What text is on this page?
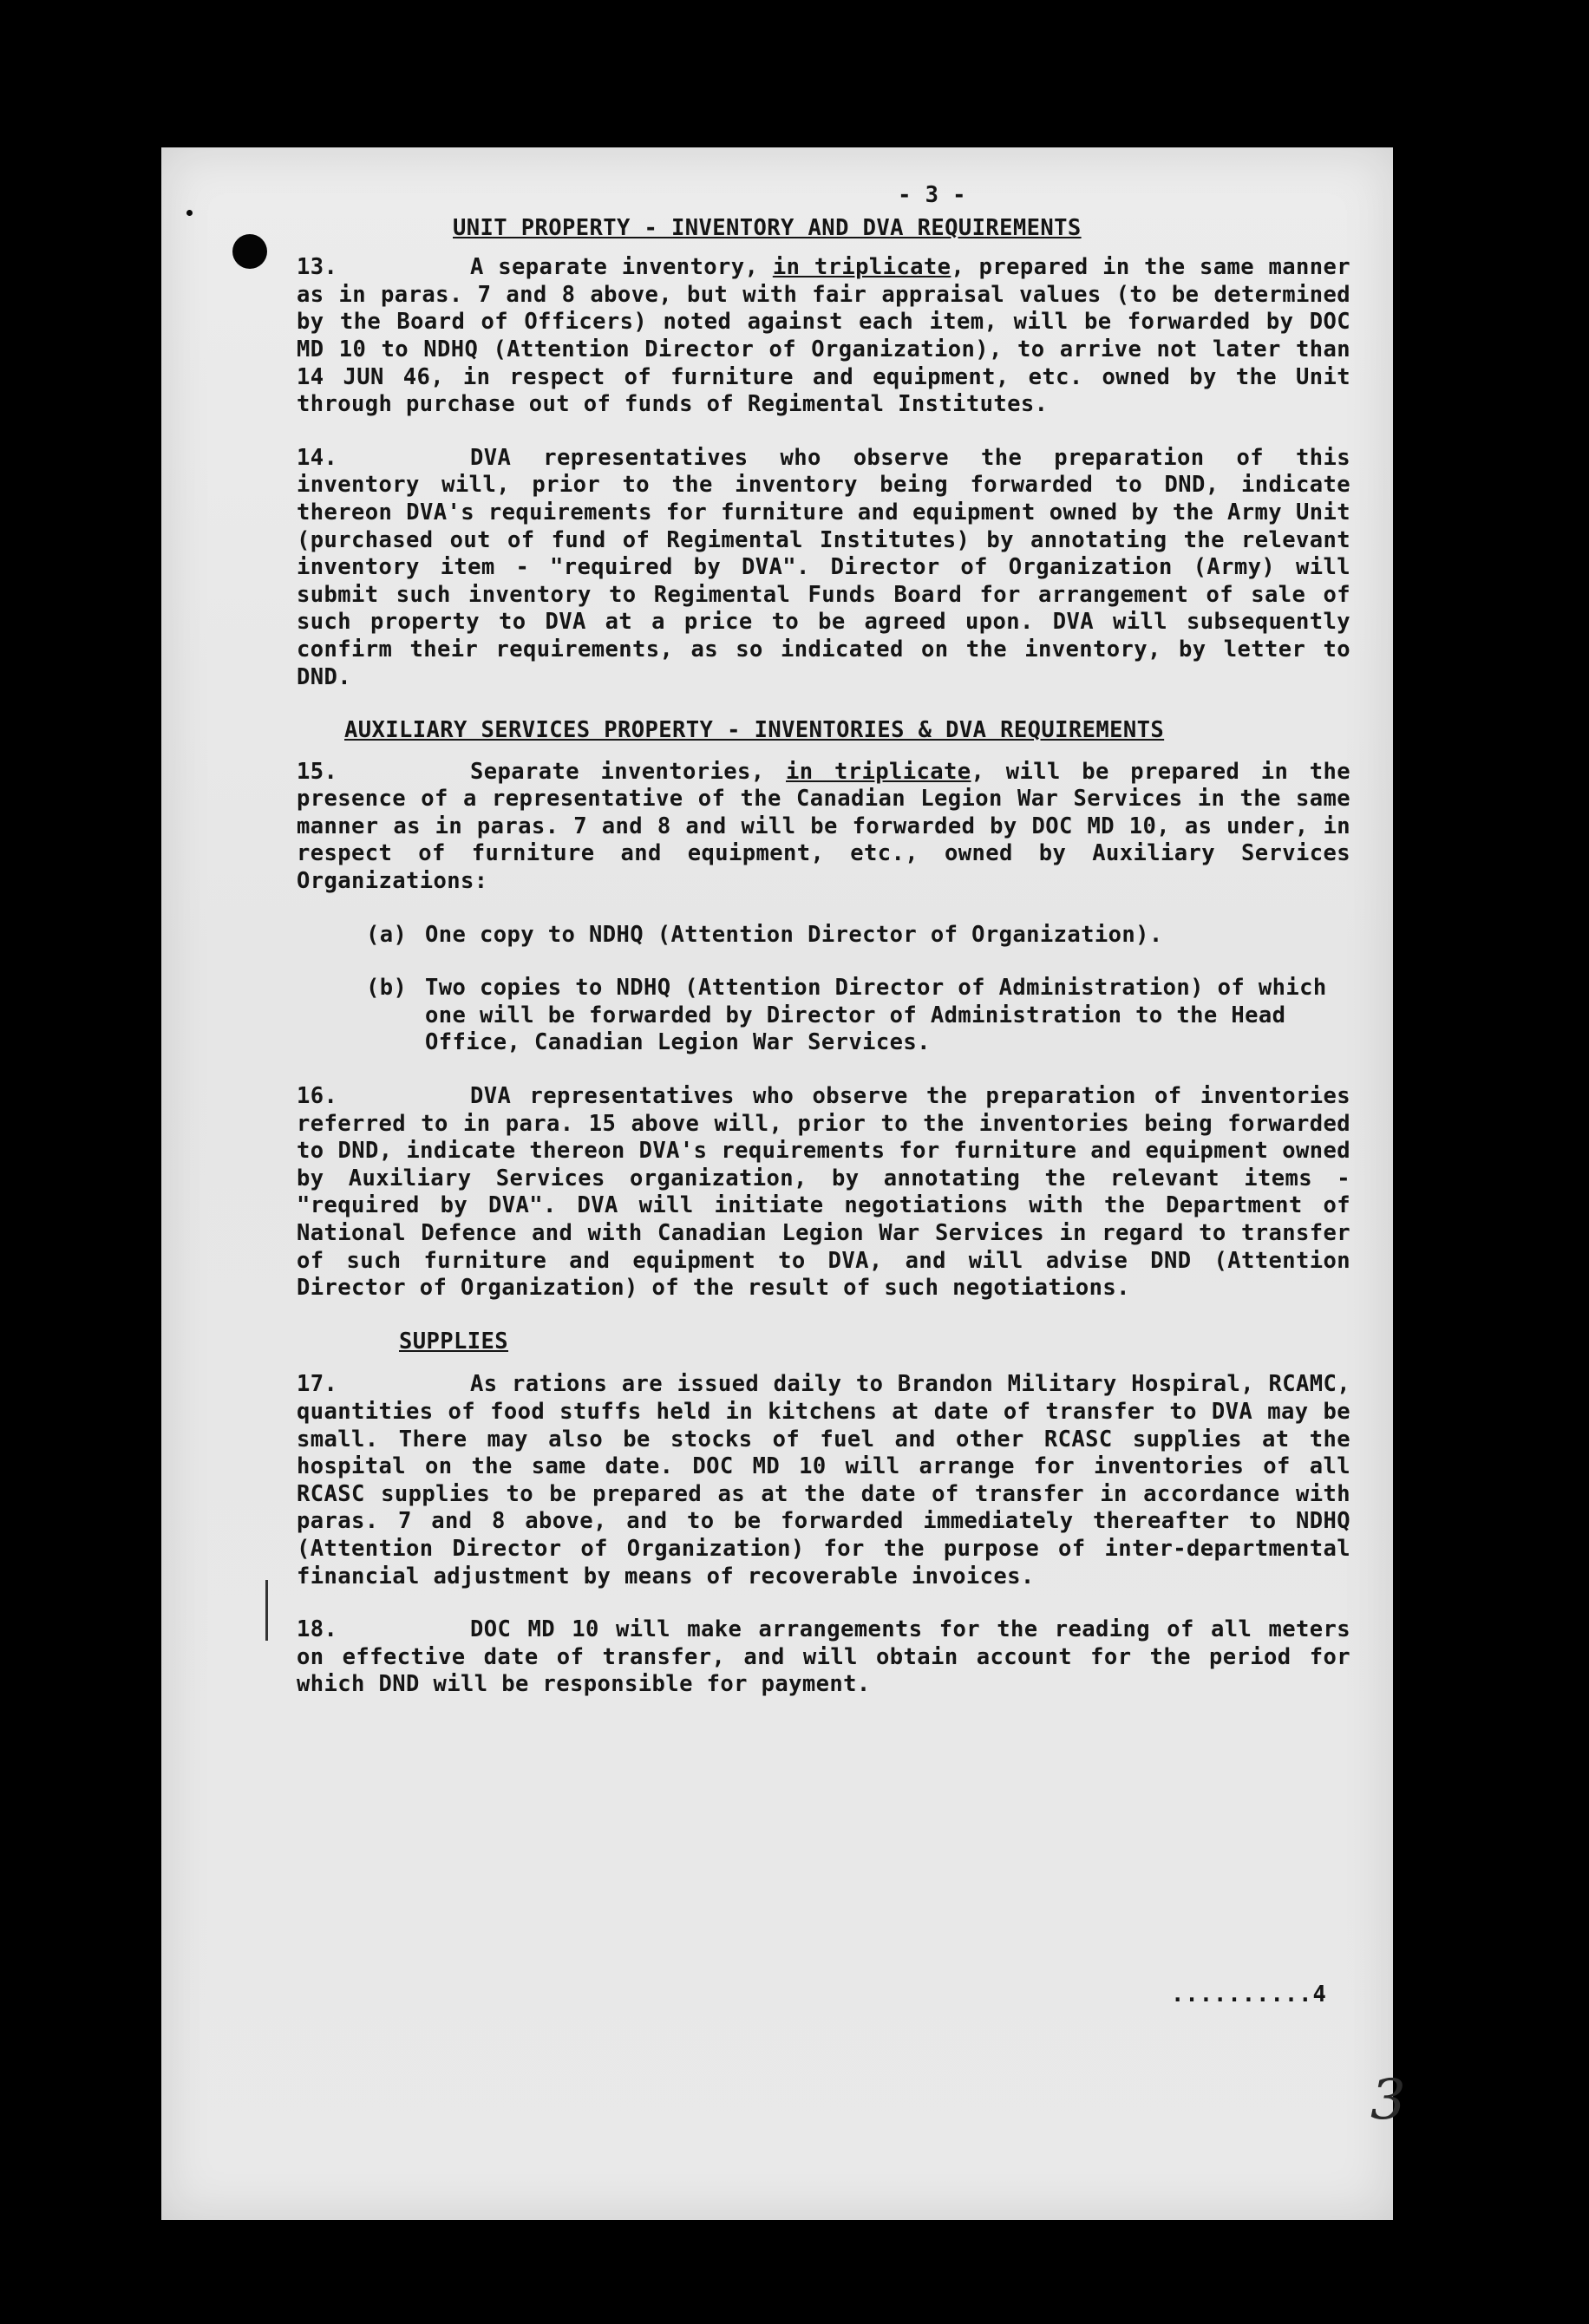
- 3 -
UNIT PROPERTY - INVENTORY AND DVA REQUIREMENTS

13.	A separate inventory, in triplicate, prepared in the same manner as in paras. 7 and 8 above, but with fair appraisal values (to be determined by the Board of Officers) noted against each item, will be forwarded by DOC MD 10 to NDHQ (Attention Director of Organization), to arrive not later than 14 JUN 46, in respect of furniture and equipment, etc. owned by the Unit through purchase out of funds of Regimental Institutes.

14.	DVA representatives who observe the preparation of this inventory will, prior to the inventory being forwarded to DND, indicate thereon DVA's requirements for furniture and equipment owned by the Army Unit (purchased out of fund of Regimental Institutes) by annotating the relevant inventory item - "required by DVA". Director of Organization (Army) will submit such inventory to Regimental Funds Board for arrangement of sale of such property to DVA at a price to be agreed upon. DVA will subsequently confirm their requirements, as so indicated on the inventory, by letter to DND.

AUXILIARY SERVICES PROPERTY - INVENTORIES & DVA REQUIREMENTS

15.	Separate inventories, in triplicate, will be prepared in the presence of a representative of the Canadian Legion War Services in the same manner as in paras. 7 and 8 and will be forwarded by DOC MD 10, as under, in respect of furniture and equipment, etc., owned by Auxiliary Services Organizations:

(a) One copy to NDHQ (Attention Director of Organization).
(b) Two copies to NDHQ (Attention Director of Administration) of which one will be forwarded by Director of Administration to the Head Office, Canadian Legion War Services.

16.	DVA representatives who observe the preparation of inventories referred to in para. 15 above will, prior to the inventories being forwarded to DND, indicate thereon DVA's requirements for furniture and equipment owned by Auxiliary Services organization, by annotating the relevant items - "required by DVA". DVA will initiate negotiations with the Department of National Defence and with Canadian Legion War Services in regard to transfer of such furniture and equipment to DVA, and will advise DND (Attention Director of Organization) of the result of such negotiations.

SUPPLIES

17.	As rations are issued daily to Brandon Military Hospiral, RCAMC, quantities of food stuffs held in kitchens at date of transfer to DVA may be small. There may also be stocks of fuel and other RCASC supplies at the hospital on the same date. DOC MD 10 will arrange for inventories of all RCASC supplies to be prepared as at the date of transfer in accordance with paras. 7 and 8 above, and to be forwarded immediately thereafter to NDHQ (Attention Director of Organization) for the purpose of inter-departmental financial adjustment by means of recoverable invoices.

18.	DOC MD 10 will make arrangements for the reading of all meters on effective date of transfer, and will obtain account for the period for which DND will be responsible for payment.

..........4
3
